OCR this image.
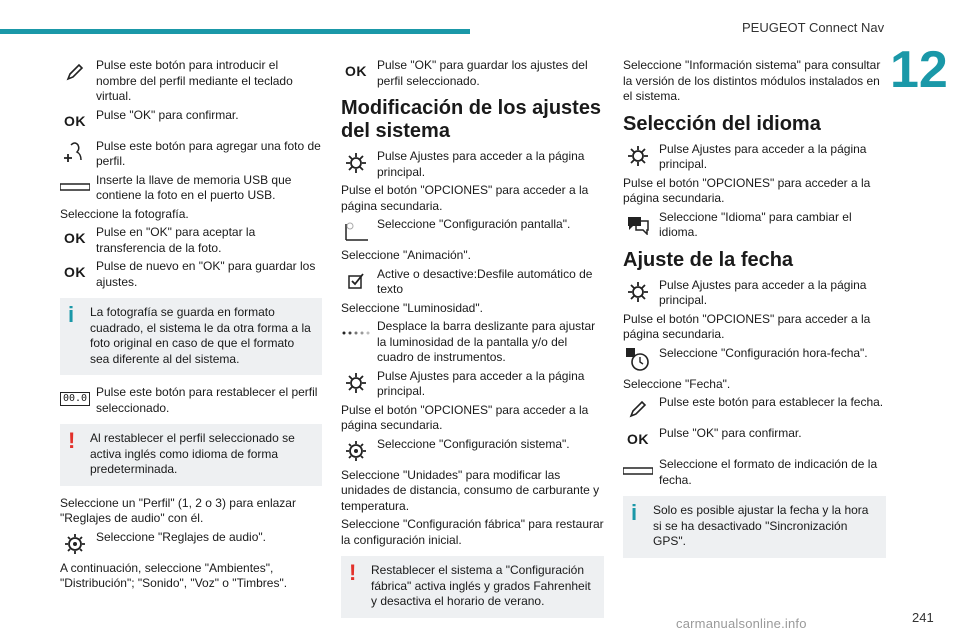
PEUGEOT Connect Nav
12
Pulse este botón para introducir el nombre del perfil mediante el teclado virtual.
OK Pulse "OK" para confirmar.
Pulse este botón para agregar una foto de perfil.
Inserte la llave de memoria USB que contiene la foto en el puerto USB.

Seleccione la fotografía.

OK Pulse en "OK" para aceptar la transferencia de la foto.
OK Pulse de nuevo en "OK" para guardar los ajustes.
i	La fotografía se guarda en formato cuadrado, el sistema le da otra forma a la foto original en caso de que el formato sea diferente al del sistema.
00.0 Pulse este botón para restablecer el perfil seleccionado.
!	Al restablecer el perfil seleccionado se activa inglés como idioma de forma predeterminada.

Seleccione un "Perfil" (1, 2 o 3) para enlazar "Reglajes de audio" con él.

Seleccione "Reglajes de audio".

A continuación, seleccione "Ambientes", "Distribución"; "Sonido", "Voz" o "Timbres".

OK Pulse "OK" para guardar los ajustes del perfil seleccionado.
Modificación de los ajustes del sistema
Pulse Ajustes para acceder a la página principal.

Pulse el botón "OPCIONES" para acceder a la página secundaria.

Seleccione "Configuración pantalla".

Seleccione "Animación".

Active o desactive:Desfile automático de texto

Seleccione "Luminosidad".

Desplace la barra deslizante para ajustar la luminosidad de la pantalla y/o del cuadro de instrumentos.
Pulse Ajustes para acceder a la página principal.

Pulse el botón "OPCIONES" para acceder a la página secundaria.

Seleccione "Configuración sistema".

Seleccione "Unidades" para modificar las unidades de distancia, consumo de carburante y temperatura.

Seleccione "Configuración fábrica" para restaurar la configuración inicial.

!	Restablecer el sistema a "Configuración fábrica" activa inglés y grados Fahrenheit y desactiva el horario de verano.

Seleccione "Información sistema" para consultar la versión de los distintos módulos instalados en el sistema.

Selección del idioma
Pulse Ajustes para acceder a la página principal.

Pulse el botón "OPCIONES" para acceder a la página secundaria.

Seleccione "Idioma" para cambiar el idioma.
Ajuste de la fecha
Pulse Ajustes para acceder a la página principal.

Pulse el botón "OPCIONES" para acceder a la página secundaria.

Seleccione "Configuración hora-fecha".

Seleccione "Fecha".

Pulse este botón para establecer la fecha.
OK Pulse "OK" para confirmar.
Seleccione el formato de indicación de la fecha.
i	Solo es posible ajustar la fecha y la hora si se ha desactivado "Sincronización GPS".
carmanualsonline.info	241
